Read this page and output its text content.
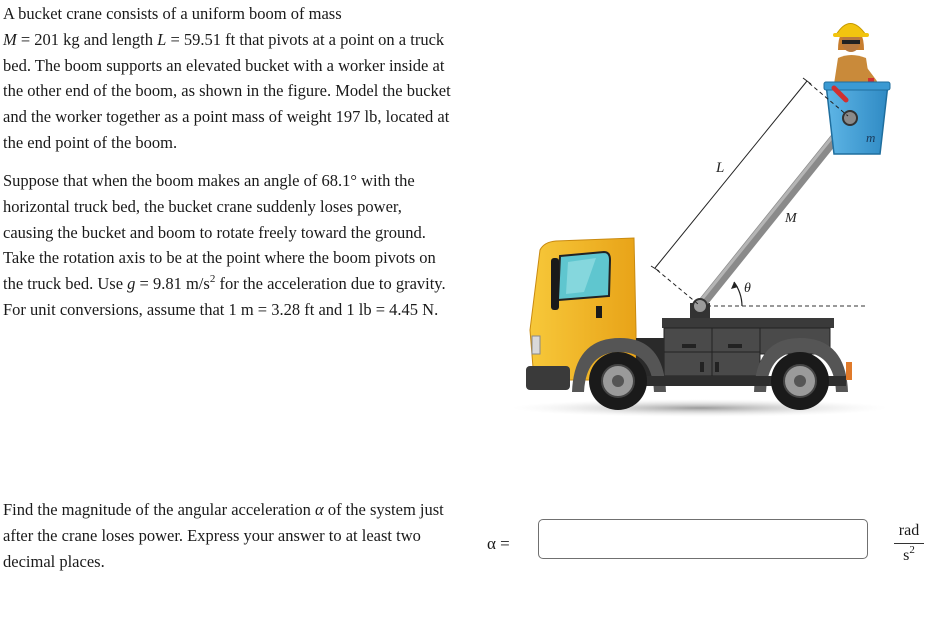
A bucket crane consists of a uniform boom of mass
M = 201 kg and length L = 59.51 ft that pivots at a point on a truck bed. The boom supports an elevated bucket with a worker inside at the other end of the boom, as shown in the figure. Model the bucket and the worker together as a point mass of weight 197 lb, located at the end point of the boom.

Suppose that when the boom makes an angle of 68.1° with the horizontal truck bed, the bucket crane suddenly loses power, causing the bucket and boom to rotate freely toward the ground. Take the rotation axis to be at the point where the boom pivots on the truck bed. Use g = 9.81 $m/s^2$ for the acceleration due to gravity. For unit conversions, assume that 1 m = 3.28 ft and 1 lb = 4.45 N.

Find the magnitude of the angular acceleration α of the system just after the crane loses power. Express your answer to at least two decimal places.

L
M
θ
m
α =
rad
$s^2$
